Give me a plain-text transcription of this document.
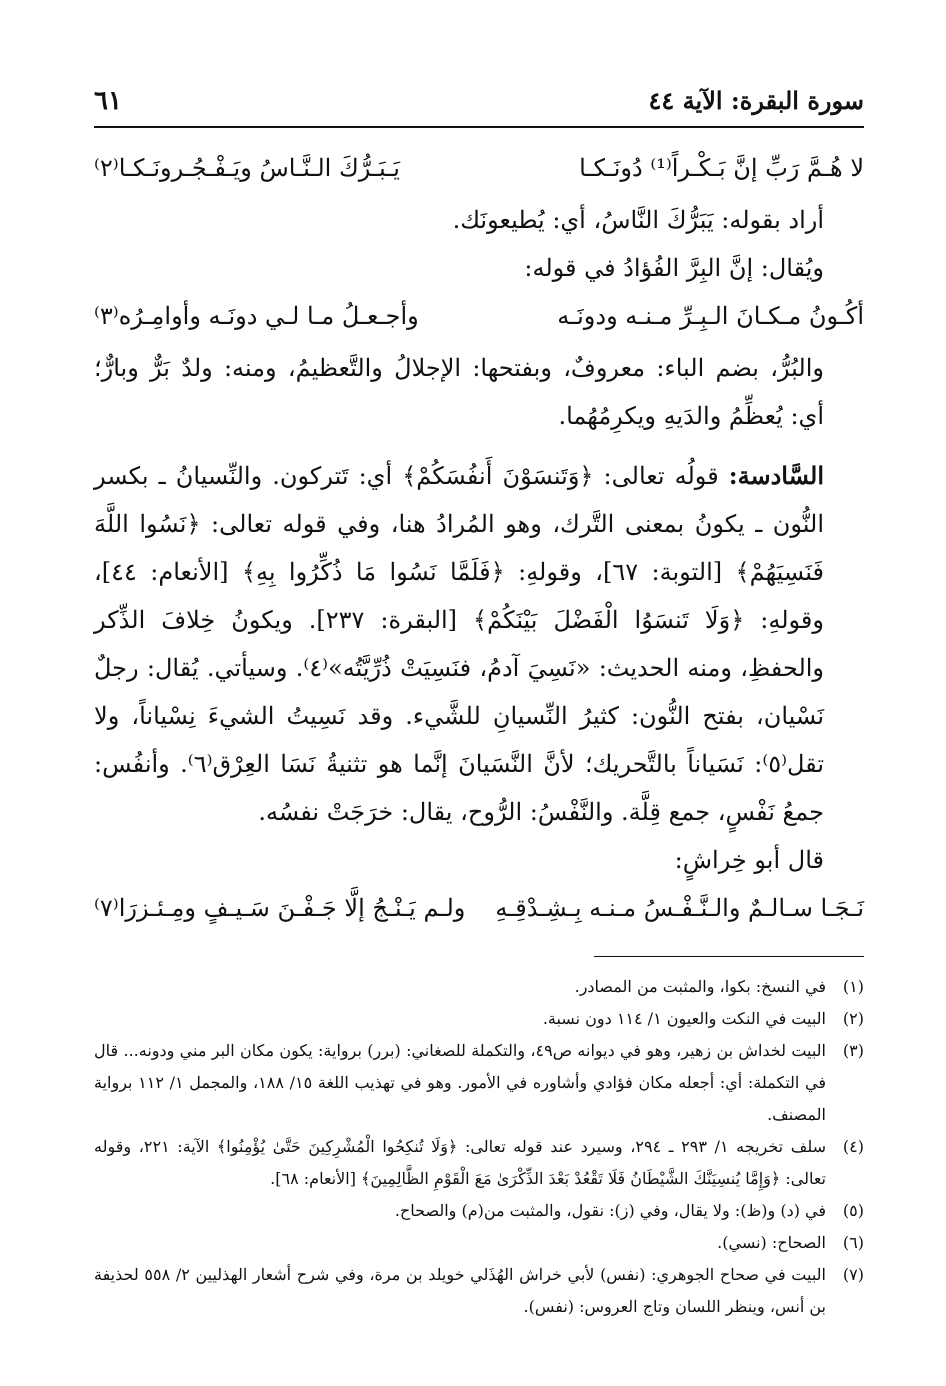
سورة البقرة: الآية ٤٤
٦١
لا هُـمَّ رَبِّ إنَّ بَـكْـراً⁽¹⁾ دُونَـكـا
يَـبَـرُّكَ الـنَّـاسُ ويَـفْـجُـرونَـكـا⁽٢⁾

أراد بقوله: يَبَرُّكَ النَّاسُ، أي: يُطيعونَك.

ويُقال: إنَّ البِرَّ الفُؤادُ في قوله:

أكُـونُ مـكـانَ الـبِـرِّ مـنـه ودونَـه
وأجـعـلُ مـا لـي دونَـه وأوامِـرُه⁽٣⁾

والبُرُّ، بضم الباء: معروفٌ، وبفتحها: الإجلالُ والتَّعظيمُ، ومنه: ولدٌ بَرٌّ وبارٌّ؛ أي: يُعظِّمُ والدَيهِ ويكرِمُهُما.

السَّادسة: قولُه تعالى: ﴿وَتَنسَوْنَ أَنفُسَكُمْ﴾ أي: تَتركون. والنِّسيانُ ـ بكسر النُّون ـ يكونُ بمعنى التَّرك، وهو المُرادُ هنا، وفي قوله تعالى: ﴿نَسُوا اللَّهَ فَنَسِيَهُمْ﴾ [التوبة: ٦٧]، وقولهِ: ﴿فَلَمَّا نَسُوا مَا ذُكِّرُوا بِهِ﴾ [الأنعام: ٤٤]، وقولهِ: ﴿وَلَا تَنسَوُا الْفَضْلَ بَيْنَكُمْ﴾ [البقرة: ٢٣٧]. ويكونُ خِلافَ الذِّكر والحفظِ، ومنه الحديث: «نَسِيَ آدمُ، فنَسِيَتْ ذُرِّيَّتُه»⁽٤⁾. وسيأتي. يُقال: رجلٌ نَسْيان، بفتح النُّون: كثيرُ النِّسيانِ للشَّيء. وقد نَسِيتُ الشيءَ نِسْياناً، ولا تقل⁽٥⁾: نَسَياناً بالتَّحريك؛ لأنَّ النَّسَيانَ إنَّما هو تثنيةُ نَسَا العِرْق⁽٦⁾. وأنفُس: جمعُ نَفْسٍ، جمع قِلَّة. والنَّفْسُ: الرُّوح، يقال: خرَجَتْ نفسُه.

قال أبو خِراشٍ:

نَـجَـا سـالـمٌ والـنَّـفْـسُ مـنـه بِـشِـدْقِـهِ
ولـم يَـنْـجُ إلَّا جَـفْـنَ سَـيـفٍ ومِـئـزرَا⁽٧⁾
(١)
في النسخ: بكوا، والمثبت من المصادر.
(٢)
البيت في النكت والعيون ١/ ١١٤ دون نسبة.
(٣)
البيت لخداش بن زهير، وهو في ديوانه ص٤٩، والتكملة للصغاني: (برر) برواية: يكون مكان البر مني ودونه... قال في التكملة: أي: أجعله مكان فؤادي وأشاوره في الأمور. وهو في تهذيب اللغة ١٥/ ١٨٨، والمجمل ١/ ١١٢ برواية المصنف.
(٤)
سلف تخريجه ١/ ٢٩٣ ـ ٢٩٤، وسيرد عند قوله تعالى: ﴿وَلَا تُنكِحُوا الْمُشْرِكِينَ حَتَّىٰ يُؤْمِنُوا﴾ الآية: ٢٢١، وقوله تعالى: ﴿وَإِمَّا يُنسِيَنَّكَ الشَّيْطَانُ فَلَا تَقْعُدْ بَعْدَ الذِّكْرَىٰ مَعَ الْقَوْمِ الظَّالِمِينَ﴾ [الأنعام: ٦٨].
(٥)
في (د) و(ظ): ولا يقال، وفي (ز): نقول، والمثبت من(م) والصحاح.
(٦)
الصحاح: (نسي).
(٧)
البيت في صحاح الجوهري: (نفس) لأبي خراش الهُذَلي خويلد بن مرة، وفي شرح أشعار الهذليين ٢/ ٥٥٨ لحذيفة بن أنس، وينظر اللسان وتاج العروس: (نفس).
